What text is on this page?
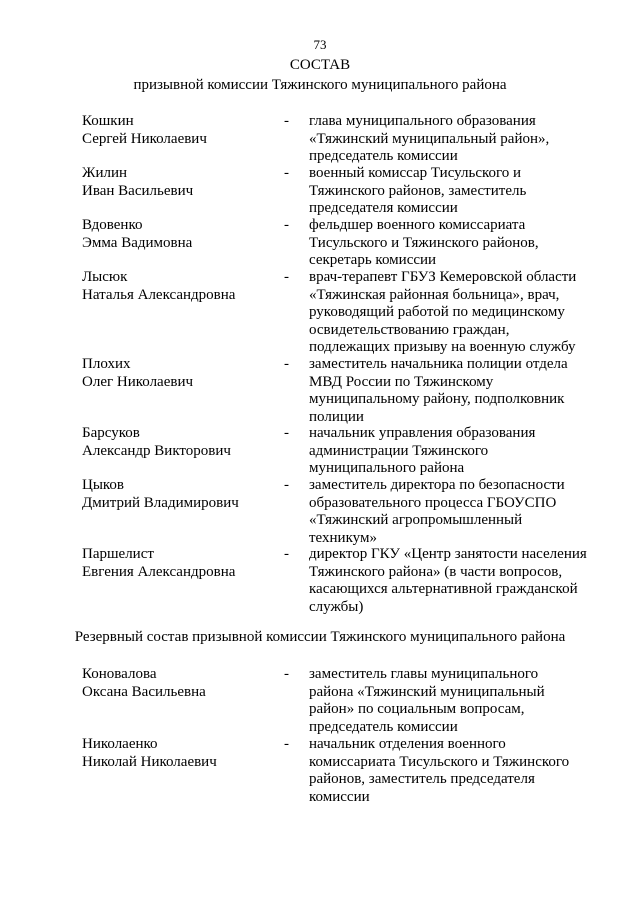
73
СОСТАВ
призывной комиссии Тяжинского муниципального района
Кошкин
Сергей Николаевич
- глава муниципального образования
«Тяжинский муниципальный район»,
председатель комиссии
Жилин
Иван Васильевич
- военный комиссар Тисульского и
Тяжинского районов, заместитель
председателя комиссии
Вдовенко
Эмма Вадимовна
- фельдшер военного комиссариата
Тисульского и Тяжинского районов,
секретарь комиссии
Лысюк
Наталья Александровна
- врач-терапевт ГБУЗ Кемеровской области
«Тяжинская районная больница», врач,
руководящий работой по медицинскому
освидетельствованию граждан,
подлежащих призыву на военную службу
Плохих
Олег Николаевич
- заместитель начальника полиции отдела
МВД России по Тяжинскому
муниципальному району, подполковник
полиции
Барсуков
Александр Викторович
- начальник управления образования
администрации Тяжинского
муниципального района
Цыков
Дмитрий Владимирович
- заместитель директора по безопасности
образовательного процесса ГБОУСПО
«Тяжинский агропромышленный
техникум»
Паршелист
Евгения Александровна
- директор ГКУ «Центр занятости населения
Тяжинского района» (в части вопросов,
касающихся альтернативной гражданской
службы)
Резервный состав призывной комиссии Тяжинского муниципального района
Коновалова
Оксана Васильевна
- заместитель главы муниципального
района «Тяжинский муниципальный
район» по социальным вопросам,
председатель комиссии
Николаенко
Николай Николаевич
- начальник отделения военного
комиссариата Тисульского и Тяжинского
районов, заместитель председателя
комиссии
